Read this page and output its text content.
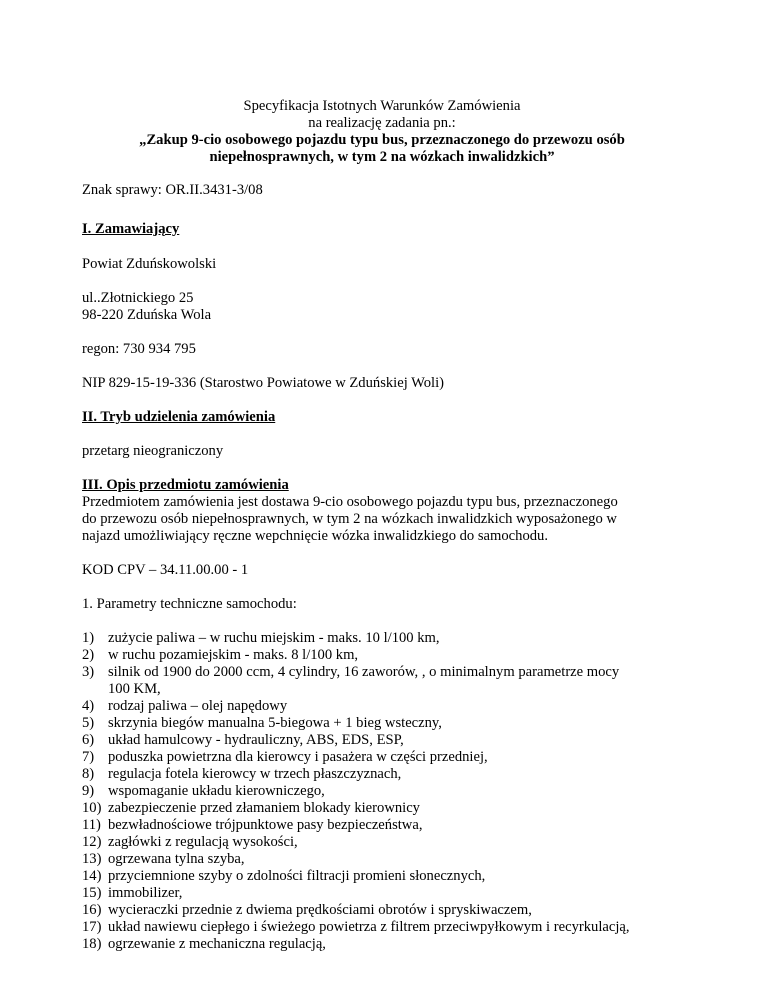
Specyfikacja Istotnych Warunków Zamówienia
na realizację zadania pn.:
„Zakup 9-cio osobowego pojazdu typu bus, przeznaczonego do przewozu osób
niepełnosprawnych, w tym 2 na wózkach inwalidzkich”
Znak sprawy: OR.II.3431-3/08
I. Zamawiający
Powiat Zduńskowolski
ul..Złotnickiego 25
98-220 Zduńska Wola
regon: 730 934 795
NIP 829-15-19-336 (Starostwo Powiatowe w Zduńskiej Woli)
II. Tryb udzielenia zamówienia
przetarg nieograniczony
III. Opis przedmiotu zamówienia
Przedmiotem zamówienia jest dostawa 9-cio osobowego pojazdu typu bus, przeznaczonego
do przewozu osób niepełnosprawnych, w tym 2 na wózkach inwalidzkich wyposażonego w
najazd umożliwiający ręczne wepchnięcie wózka inwalidzkiego do samochodu.
KOD CPV – 34.11.00.00 - 1
1. Parametry techniczne samochodu:
1) zużycie paliwa – w ruchu miejskim - maks. 10 l/100 km,
2) w ruchu pozamiejskim - maks. 8 l/100 km,
3) silnik od 1900 do 2000 ccm, 4 cylindry, 16 zaworów, , o minimalnym parametrze mocy
100 KM,
4) rodzaj paliwa – olej napędowy
5) skrzynia biegów manualna 5-biegowa + 1 bieg wsteczny,
6) układ hamulcowy - hydrauliczny, ABS, EDS, ESP,
7) poduszka powietrzna dla kierowcy i pasażera w części przedniej,
8) regulacja fotela kierowcy w trzech płaszczyznach,
9) wspomaganie układu kierowniczego,
10) zabezpieczenie przed złamaniem blokady kierownicy
11) bezwładnościowe trójpunktowe pasy bezpieczeństwa,
12) zagłówki z regulacją wysokości,
13) ogrzewana tylna szyba,
14) przyciemnione szyby o zdolności filtracji promieni słonecznych,
15) immobilizer,
16) wycieraczki przednie z dwiema prędkościami obrotów i spryskiwaczem,
17) układ nawiewu ciepłego i świeżego powietrza z filtrem przeciwpyłkowym i recyrkulacją,
18) ogrzewanie z mechaniczna regulacją,
